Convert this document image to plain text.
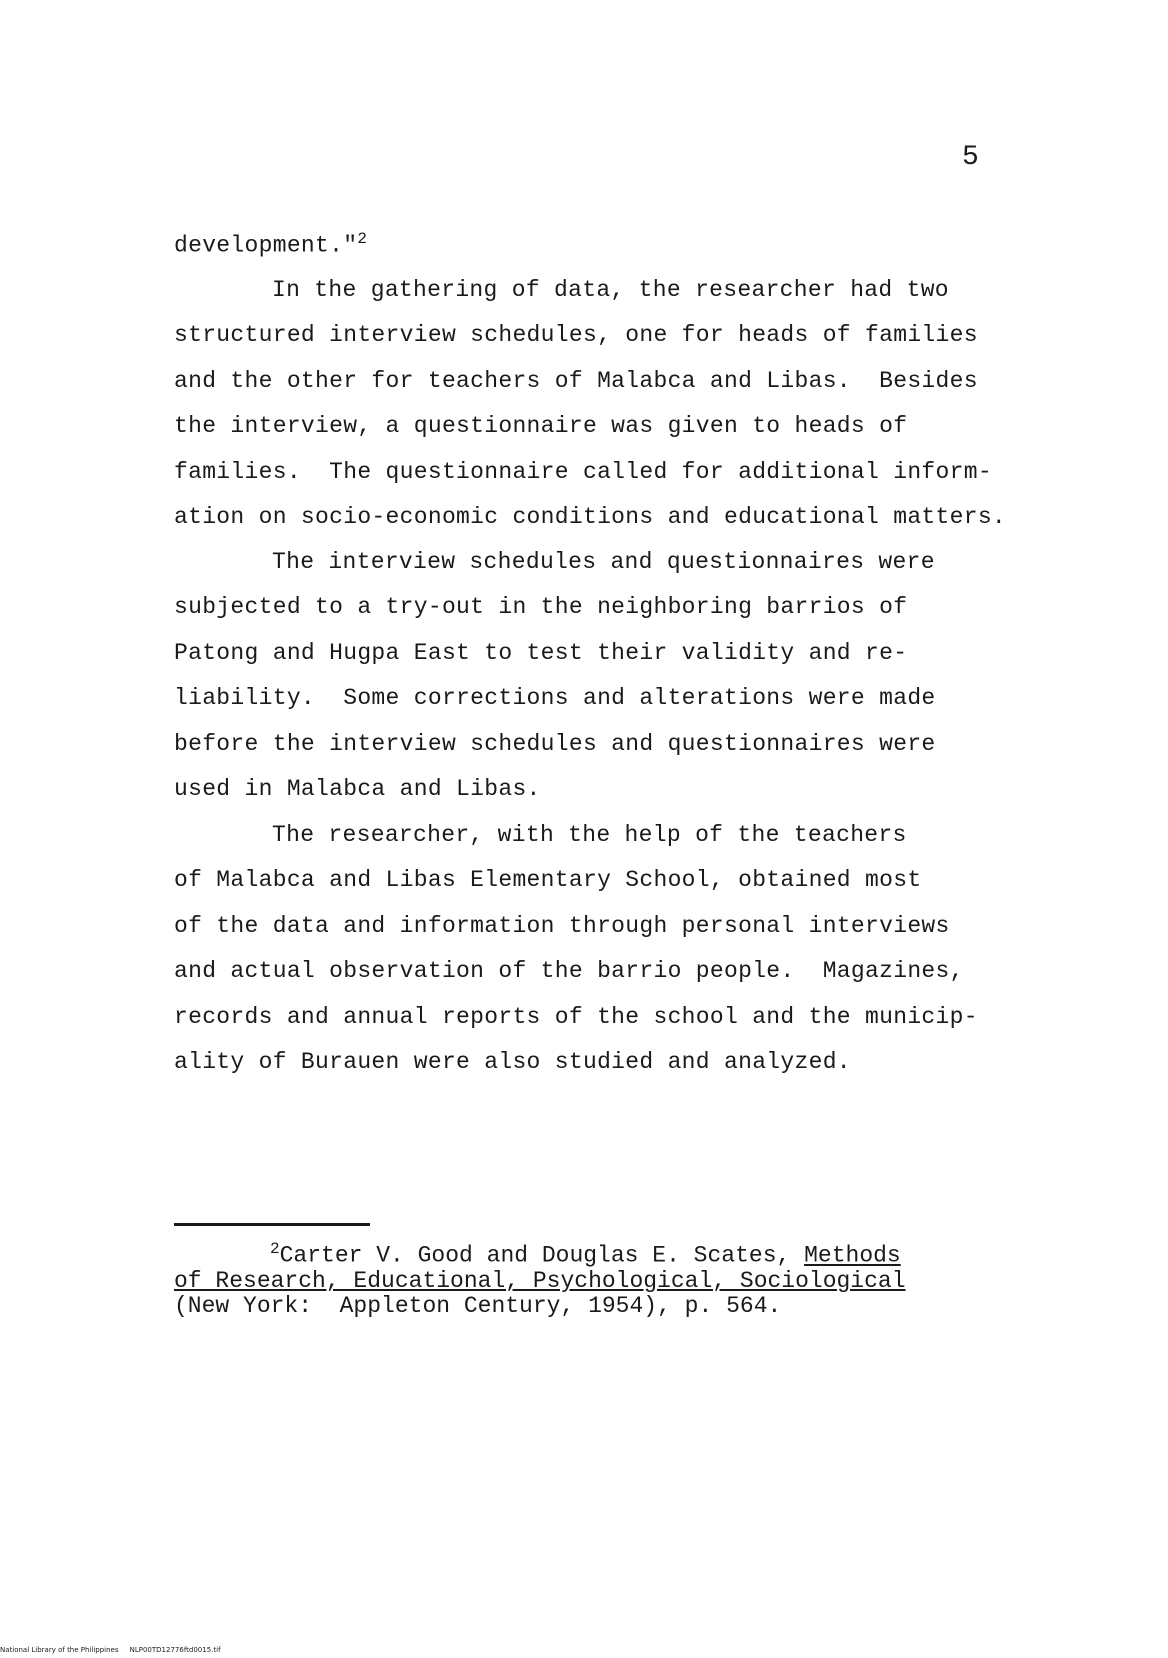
5
development."$^2$
In the gathering of data, the researcher had two
structured interview schedules, one for heads of families
and the other for teachers of Malabca and Libas.  Besides
the interview, a questionnaire was given to heads of
families.  The questionnaire called for additional inform-
ation on socio-economic conditions and educational matters.
The interview schedules and questionnaires were
subjected to a try-out in the neighboring barrios of
Patong and Hugpa East to test their validity and re-
liability.  Some corrections and alterations were made
before the interview schedules and questionnaires were
used in Malabca and Libas.
The researcher, with the help of the teachers
of Malabca and Libas Elementary School, obtained most
of the data and information through personal interviews
and actual observation of the barrio people.  Magazines,
records and annual reports of the school and the municip-
ality of Burauen were also studied and analyzed.
$^2$Carter V. Good and Douglas E. Scates, Methods
of Research, Educational, Psychological, Sociological
(New York:  Appleton Century, 1954), p. 564.
National Library of the Philippines     NLP00TD12776ftd0015.tif
